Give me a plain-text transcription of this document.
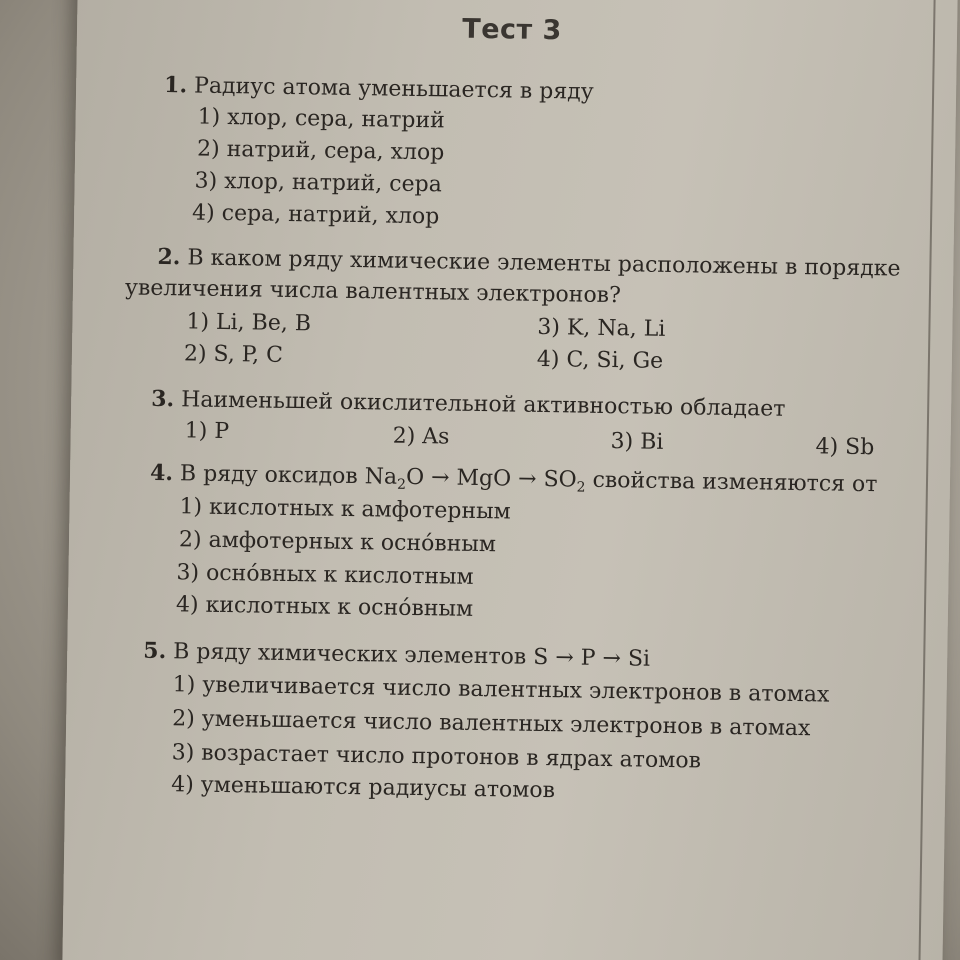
Тест 3
1. Радиус атома уменьшается в ряду
1) хлор, сера, натрий
2) натрий, сера, хлор
3) хлор, натрий, сера
4) сера, натрий, хлор
2. В каком ряду химические элементы расположены в порядке
увеличения числа валентных электронов?
1) Li, Be, B	3) K, Na, Li
2) S, P, C	4) C, Si, Ge
3. Наименьшей окислительной активностью обладает
1) P	2) As	3) Bi	4) Sb
4. В ряду оксидов $Na_2O$ → MgO → $SO_2$ свойства изменяются от
1) кислотных к амфотерным
2) амфотерных к оснóвным
3) оснóвных к кислотным
4) кислотных к оснóвным
5. В ряду химических элементов S → P → Si
1) увеличивается число валентных электронов в атомах
2) уменьшается число валентных электронов в атомах
3) возрастает число протонов в ядрах атомов
4) уменьшаются радиусы атомов
